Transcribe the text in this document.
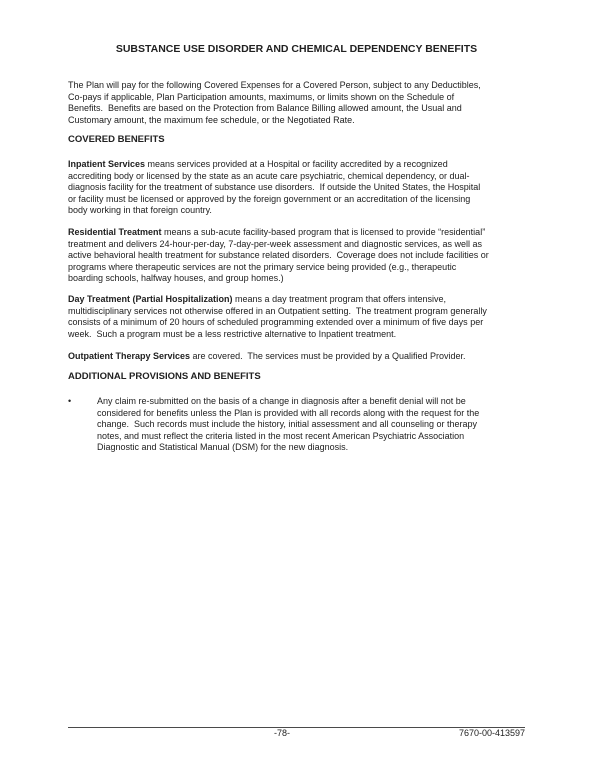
SUBSTANCE USE DISORDER AND CHEMICAL DEPENDENCY BENEFITS
The Plan will pay for the following Covered Expenses for a Covered Person, subject to any Deductibles,
Co-pays if applicable, Plan Participation amounts, maximums, or limits shown on the Schedule of
Benefits.  Benefits are based on the Protection from Balance Billing allowed amount, the Usual and
Customary amount, the maximum fee schedule, or the Negotiated Rate.
COVERED BENEFITS
Inpatient Services means services provided at a Hospital or facility accredited by a recognized
accrediting body or licensed by the state as an acute care psychiatric, chemical dependency, or dual-
diagnosis facility for the treatment of substance use disorders.  If outside the United States, the Hospital
or facility must be licensed or approved by the foreign government or an accreditation of the licensing
body working in that foreign country.
Residential Treatment means a sub-acute facility-based program that is licensed to provide “residential”
treatment and delivers 24-hour-per-day, 7-day-per-week assessment and diagnostic services, as well as
active behavioral health treatment for substance related disorders.  Coverage does not include facilities or
programs where therapeutic services are not the primary service being provided (e.g., therapeutic
boarding schools, halfway houses, and group homes.)
Day Treatment (Partial Hospitalization) means a day treatment program that offers intensive,
multidisciplinary services not otherwise offered in an Outpatient setting.  The treatment program generally
consists of a minimum of 20 hours of scheduled programming extended over a minimum of five days per
week.  Such a program must be a less restrictive alternative to Inpatient treatment.
Outpatient Therapy Services are covered.  The services must be provided by a Qualified Provider.
ADDITIONAL PROVISIONS AND BENEFITS
•	Any claim re-submitted on the basis of a change in diagnosis after a benefit denial will not be
considered for benefits unless the Plan is provided with all records along with the request for the
change.  Such records must include the history, initial assessment and all counseling or therapy
notes, and must reflect the criteria listed in the most recent American Psychiatric Association
Diagnostic and Statistical Manual (DSM) for the new diagnosis.
-78-	7670-00-413597
